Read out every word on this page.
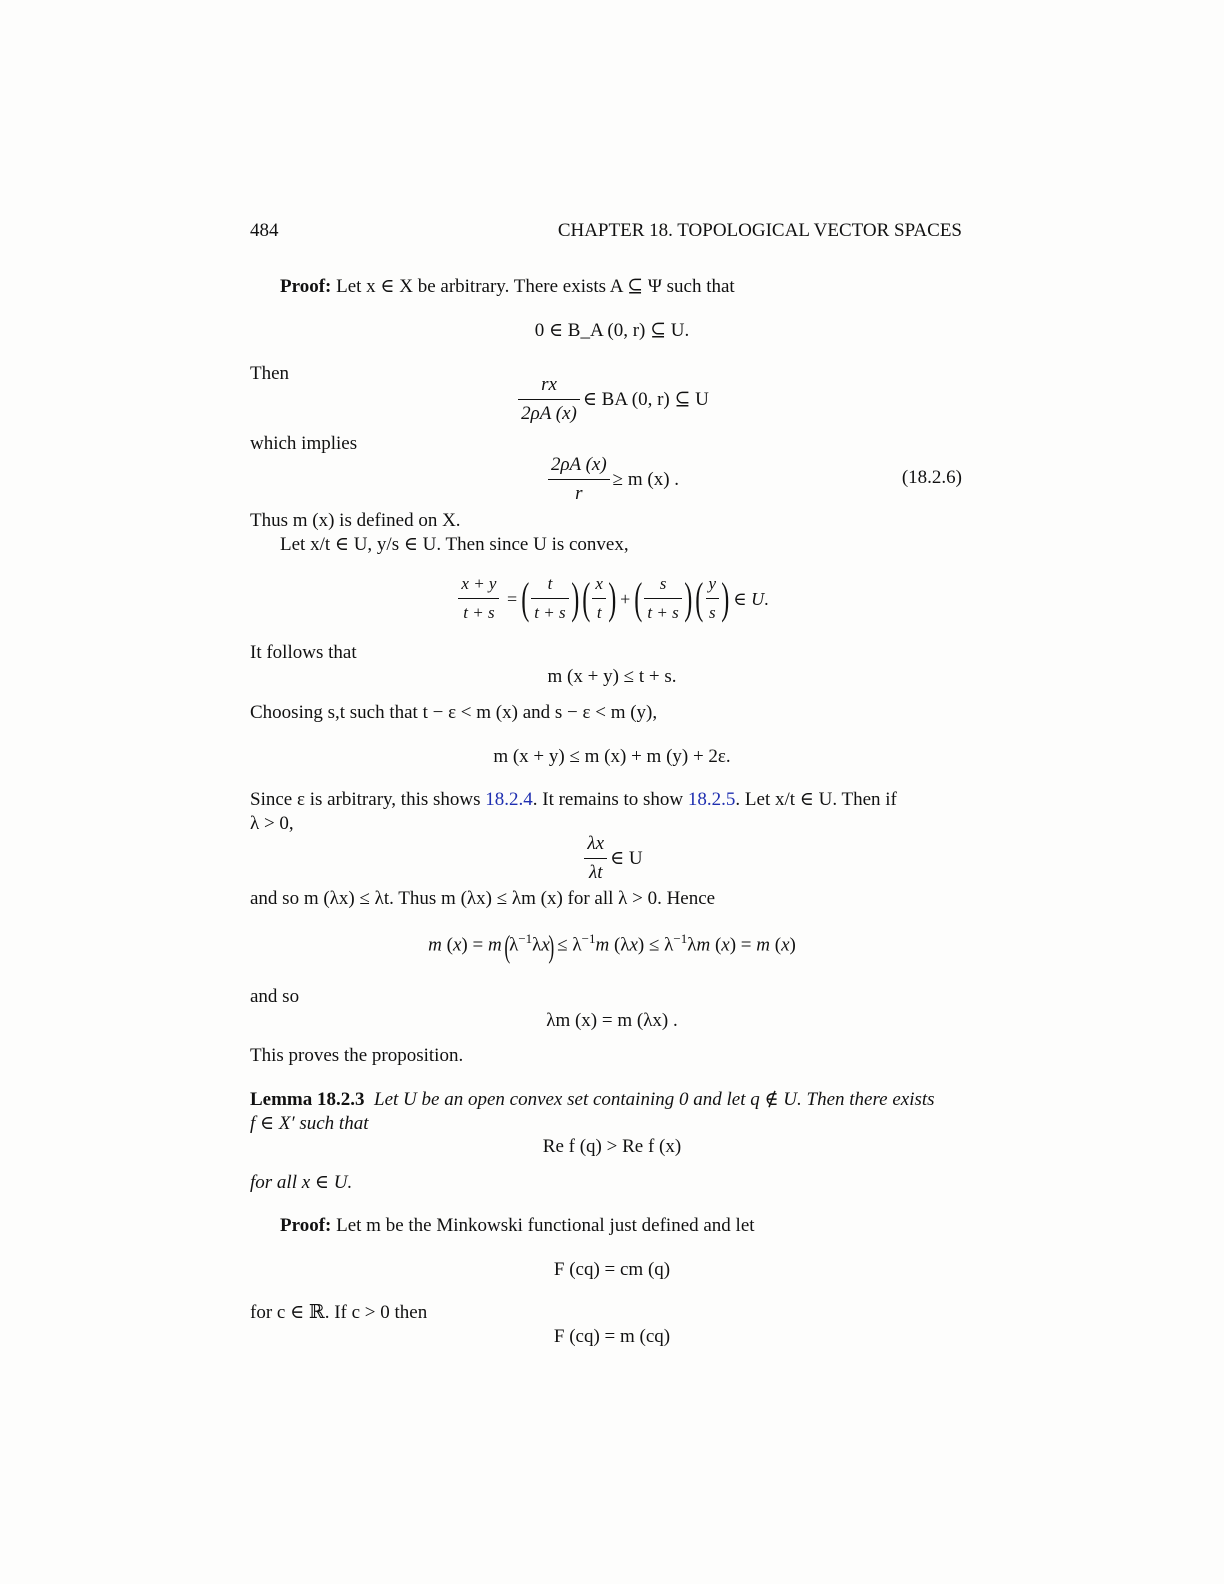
484	CHAPTER 18. TOPOLOGICAL VECTOR SPACES
Proof: Let x ∈ X be arbitrary. There exists A ⊆ Ψ such that
0 ∈ B_A (0, r) ⊆ U.
Then	$\frac{rx}{2\rho A (x)}$ ∈ BA (0, r) ⊆ U
which implies
$\frac{2\rho A (x)}{r} \ge m$ (x) .	(18.2.6)
Thus m (x) is defined on X.
Let x/t ∈ U, y/s ∈ U. Then since U is convex,
$\frac{x + y}{t + s}$ = ( $\frac{t}{t + s}$ ) ( $\frac{x}{t}$ ) + ( $\frac{s}{t + s}$ ) ( $\frac{y}{s}$ ) ∈ U.
It follows that
m (x + y) ≤ t + s.
Choosing s,t such that t − ε < m (x) and s − ε < m (y),
m (x + y) ≤ m (x) + m (y) + 2ε.
Since ε is arbitrary, this shows 18.2.4. It remains to show 18.2.5. Let x/t ∈ U. Then if
λ > 0,
$\frac{\lambda x}{\lambda t}$ ∈ U
and so m (λx) ≤ λt. Thus m (λx) ≤ λm (x) for all λ > 0. Hence
m (x) = m $(\lambda^{-1}\lambda x) \le \lambda^{-1}m$ $(\lambda x) \le \lambda^{-1}\lambda m$ (x) = m (x)
and so
λm (x) = m (λx) .
This proves the proposition.
Lemma 18.2.3 Let U be an open convex set containing 0 and let q ∉ U. Then there exists
f ∈ X′ such that
Re f (q) > Re f (x)
for all x ∈ U.
Proof: Let m be the Minkowski functional just defined and let
F (cq) = cm (q)
for c ∈ ℝ. If c > 0 then
F (cq) = m (cq)
